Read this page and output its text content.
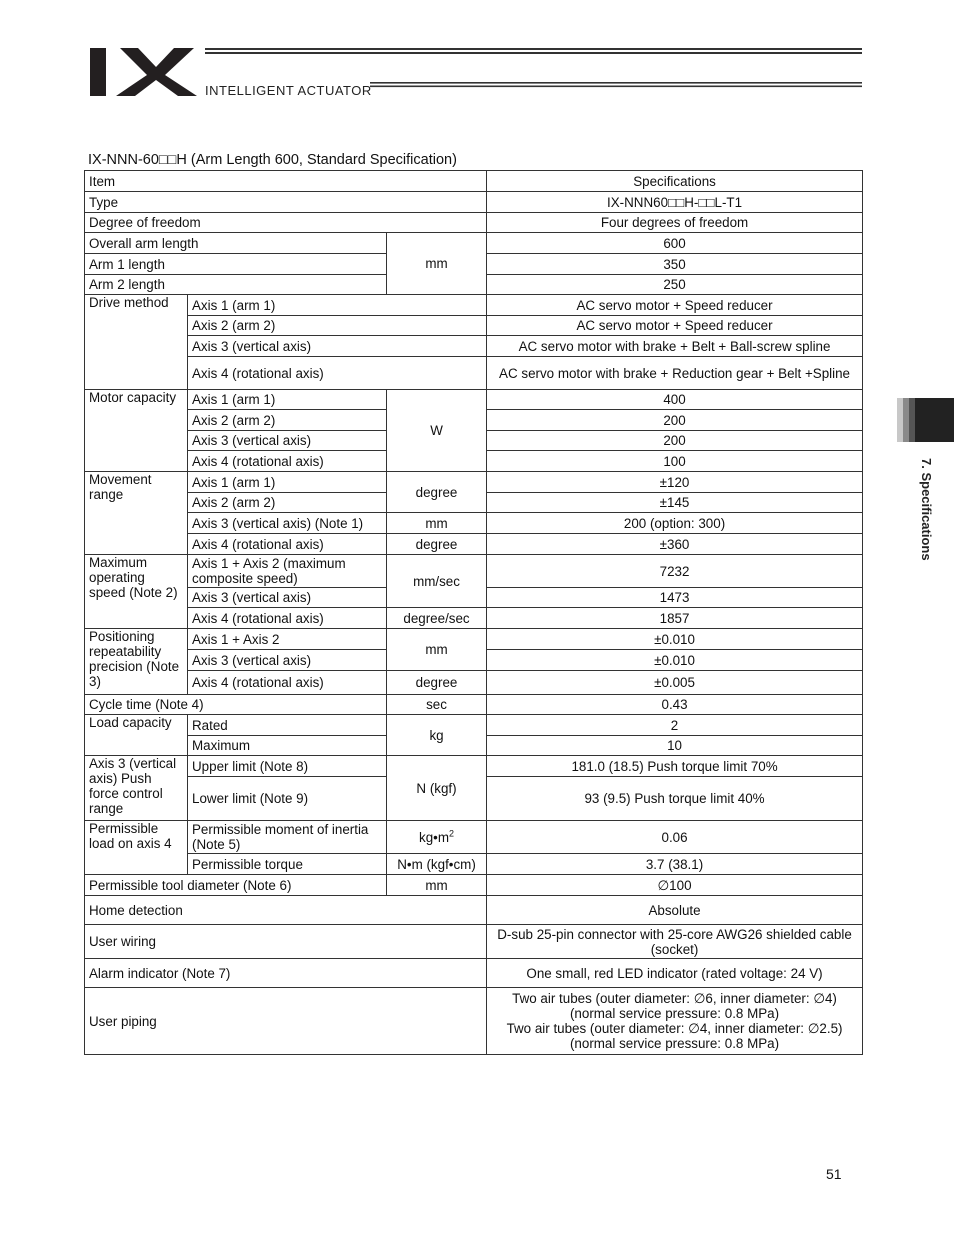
INTELLIGENT ACTUATOR
IX-NNN-60□□H (Arm Length 600, Standard Specification)
Item			Specifications
Type			IX-NNN60□□H-□□L-T1
Degree of freedom			Four degrees of freedom
Overall arm length		mm	600
Arm 1 length			350
Arm 2 length			250
Drive method	Axis 1 (arm 1)		AC servo motor + Speed reducer
	Axis 2 (arm 2)		AC servo motor + Speed reducer
	Axis 3 (vertical axis)		AC servo motor with brake + Belt + Ball-screw spline
	Axis 4 (rotational axis)		AC servo motor with brake + Reduction gear + Belt +Spline
Motor capacity	Axis 1 (arm 1)	W	400
	Axis 2 (arm 2)		200
	Axis 3 (vertical axis)		200
	Axis 4 (rotational axis)		100
Movement range	Axis 1 (arm 1)	degree	±120
	Axis 2 (arm 2)		±145
	Axis 3 (vertical axis) (Note 1)	mm	200 (option: 300)
	Axis 4 (rotational axis)	degree	±360
Maximum operating speed (Note 2)	Axis 1 + Axis 2 (maximum composite speed)	mm/sec	7232
	Axis 3 (vertical axis)		1473
	Axis 4 (rotational axis)	degree/sec	1857
Positioning repeatability precision (Note 3)	Axis 1 + Axis 2	mm	±0.010
	Axis 3 (vertical axis)		±0.010
	Axis 4 (rotational axis)	degree	±0.005
Cycle time (Note 4)		sec	0.43
Load capacity	Rated	kg	2
	Maximum		10
Axis 3 (vertical axis) Push force control range	Upper limit (Note 8)	N (kgf)	181.0 (18.5) Push torque limit 70%
	Lower limit (Note 9)		93 (9.5) Push torque limit 40%
Permissible load on axis 4	Permissible moment of inertia (Note 5)	$kg•m^2$	0.06
	Permissible torque	N•m (kgf•cm)	3.7 (38.1)
Permissible tool diameter (Note 6)		mm	∅100
Home detection			Absolute
User wiring			D-sub 25-pin connector with 25-core AWG26 shielded cable (socket)
Alarm indicator (Note 7)			One small, red LED indicator (rated voltage: 24 V)
User piping			Two air tubes (outer diameter: ∅6, inner diameter: ∅4) (normal service pressure: 0.8 MPa)
Two air tubes (outer diameter: ∅4, inner diameter: ∅2.5) (normal service pressure: 0.8 MPa)
7. Specifications
51
